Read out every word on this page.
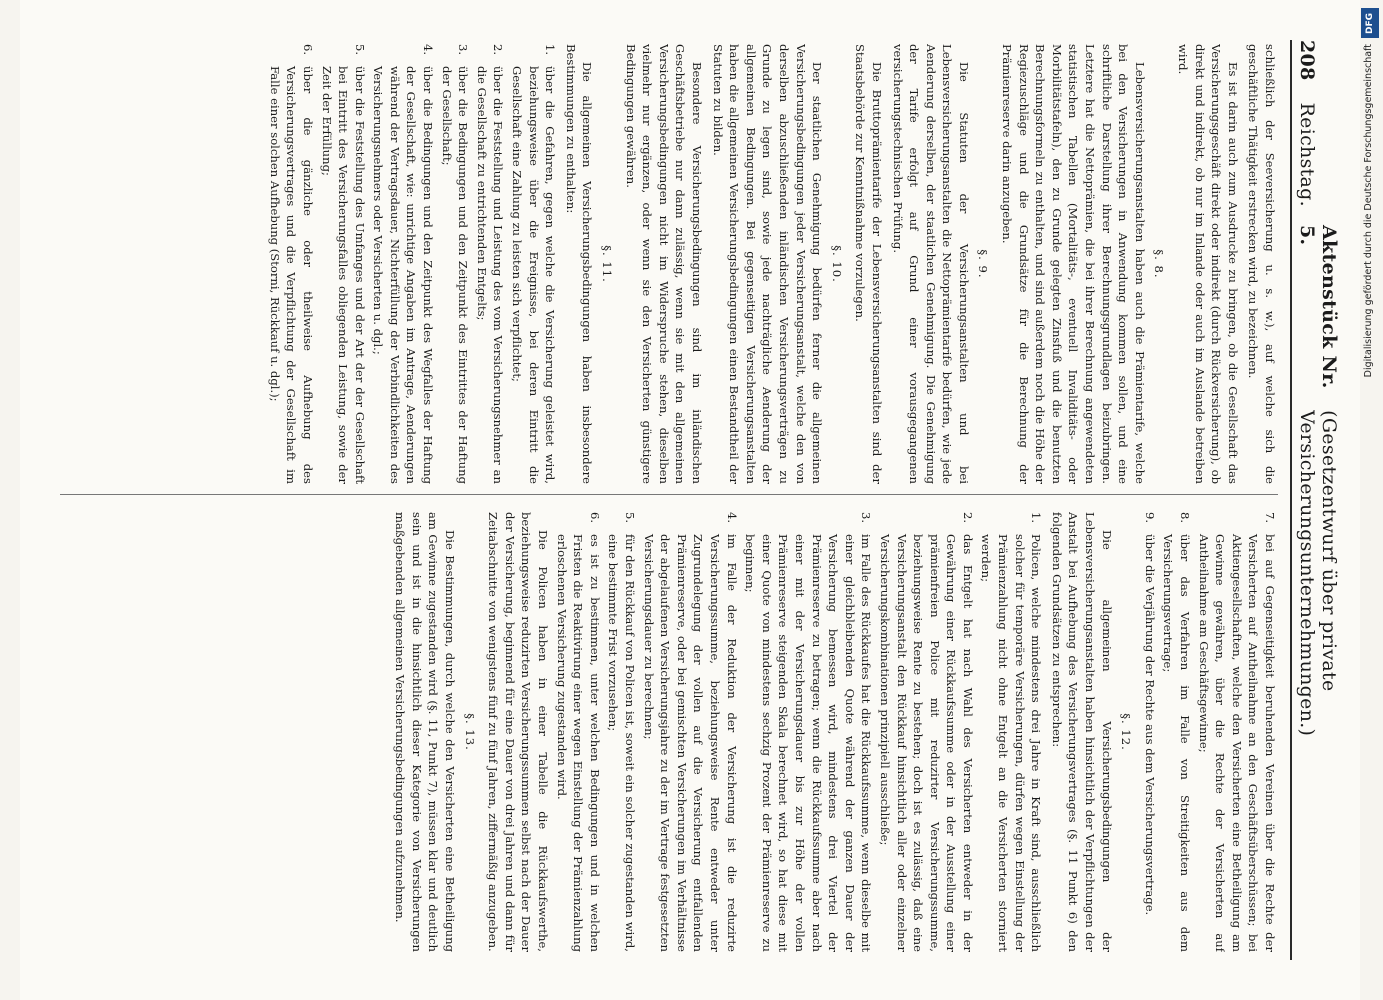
208
Reichstag.
Aktenstück Nr. 5.
(Gesetzentwurf über private Versicherungsunternehmungen.)

schließlich der Seeversicherung u. s. w.), auf welche sich die geschäftliche Thätigkeit erstrecken wird, zu bezeichnen.

Es ist darin auch zum Ausdrucke zu bringen, ob die Gesellschaft das Versicherungsgeschäft direkt oder indirekt (durch Rückversicherung), ob direkt und indirekt, ob nur im Inlande oder auch im Auslande betreiben wird.

§. 8.

Lebensversicherungsanstalten haben auch die Prämientarife, welche bei den Versicherungen in Anwendung kommen sollen, und eine schriftliche Darstellung ihrer Berechnungsgrundlagen beizubringen. Letztere hat die Nettoprämien, die bei ihrer Berechnung angewendeten statistischen Tabellen (Mortalitäts-, eventuell Invaliditäts- oder Morbilitätstafeln), den zu Grunde gelegten Zinsfuß und die benutzten Berechnungsformeln zu enthalten, und sind außerdem noch die Höhe der Regiezuschläge und die Grundsätze für die Berechnung der Prämienreserve darin anzugeben.

§. 9.

Die Statuten der Versicherungsanstalten und bei Lebensversicherungsanstalten die Nettoprämientarife bedürfen, wie jede Aenderung derselben, der staatlichen Genehmigung. Die Genehmigung der Tarife erfolgt auf Grund einer vorausgegangenen versicherungstechnischen Prüfung.

Die Bruttoprämientarife der Lebensversicherungsanstalten sind der Staatsbehörde zur Kenntnißnahme vorzulegen.

§. 10.

Der staatlichen Genehmigung bedürfen ferner die allgemeinen Versicherungsbedingungen jeder Versicherungsanstalt, welche den von derselben abzuschließenden inländischen Versicherungsverträgen zu Grunde zu legen sind, sowie jede nachträgliche Aenderung der allgemeinen Bedingungen. Bei gegenseitigen Versicherungsanstalten haben die allgemeinen Versicherungsbedingungen einen Bestandtheil der Statuten zu bilden.

Besondere Versicherungsbedingungen sind im inländischen Geschäftsbetriebe nur dann zulässig, wenn sie mit den allgemeinen Versicherungsbedingungen nicht im Widerspruche stehen, dieselben vielmehr nur ergänzen, oder wenn sie den Versicherten günstigere Bedingungen gewähren.

§. 11.

Die allgemeinen Versicherungsbedingungen haben insbesondere Bestimmungen zu enthalten:

1.
über die Gefahren, gegen welche die Versicherung geleistet wird, beziehungsweise über die Ereignisse, bei deren Eintritt die Gesellschaft eine Zahlung zu leisten sich verpflichtet;
2.
über die Feststellung und Leistung des vom Versicherungsnehmer an die Gesellschaft zu entrichtenden Entgelts;
3.
über die Bedingungen und den Zeitpunkt des Eintrittes der Haftung der Gesellschaft;
4.
über die Bedingungen und den Zeitpunkt des Wegfalles der Haftung der Gesellschaft, wie: unrichtige Angaben im Antrage, Aenderungen während der Vertragsdauer, Nichterfüllung der Verbindlichkeiten des Versicherungsnehmers oder Versicherten u. dgl.;
5.
über die Feststellung des Umfanges und der Art der der Gesellschaft bei Eintritt des Versicherungsfalles obliegenden Leistung, sowie der Zeit der Erfüllung;
6.
über die gänzliche oder theilweise Aufhebung des Versicherungsvertrages und die Verpflichtung der Gesellschaft im Falle einer solchen Aufhebung (Storni, Rückkauf u. dgl.);
7.
bei auf Gegenseitigkeit beruhenden Vereinen über die Rechte der Versicherten auf Antheilnahme an den Geschäftsüberschüssen; bei Aktiengesellschaften, welche den Versicherten eine Betheiligung am Gewinne gewähren, über die Rechte der Versicherten auf Antheilnahme am Geschäftsgewinne;
8.
über das Verfahren im Falle von Streitigkeiten aus dem Versicherungsvertrage;
9.
über die Verjährung der Rechte aus dem Versicherungsvertrage.
§. 12.

Die allgemeinen Versicherungsbedingungen der Lebensversicherungsanstalten haben hinsichtlich der Verpflichtungen der Anstalt bei Aufhebung des Versicherungsvertrages (§. 11 Punkt 6) den folgenden Grundsätzen zu entsprechen:

1.
Policen, welche mindestens drei Jahre in Kraft sind, ausschließlich solcher für temporäre Versicherungen, dürfen wegen Einstellung der Prämienzahlung nicht ohne Entgelt an die Versicherten storniert werden;
2.
das Entgelt hat nach Wahl des Versicherten entweder in der Gewährung einer Rückkaufssumme oder in der Ausstellung einer prämienfreien Police mit reduzirter Versicherungssumme, beziehungsweise Rente zu bestehen; doch ist es zulässig, daß eine Versicherungsanstalt den Rückkauf hinsichtlich aller oder einzelner Versicherungskombinationen prinzipiell ausschließe;
3.
im Falle des Rückkaufes hat die Rückkaufssumme, wenn dieselbe mit einer gleichbleibenden Quote während der ganzen Dauer der Versicherung bemessen wird, mindestens drei Viertel der Prämienreserve zu betragen; wenn die Rückkaufssumme aber nach einer mit der Versicherungsdauer bis zur Höhe der vollen Prämienreserve steigenden Skala berechnet wird, so hat diese mit einer Quote von mindestens sechzig Prozent der Prämienreserve zu beginnen;
4.
im Falle der Reduktion der Versicherung ist die reduzirte Versicherungssumme, beziehungsweise Rente entweder unter Zugrundelegung der vollen auf die Versicherung entfallenden Prämienreserve, oder bei gemischten Versicherungen im Verhältnisse der abgelaufenen Versicherungsjahre zu der im Vertrage festgesetzten Versicherungsdauer zu berechnen;
5.
für den Rückkauf von Policen ist, soweit ein solcher zugestanden wird, eine bestimmte Frist vorzusehen;
6.
es ist zu bestimmen, unter welchen Bedingungen und in welchen Fristen die Reaktivirung einer wegen Einstellung der Prämienzahlung erloschenen Versicherung zugestanden wird.

Die Policen haben in einer Tabelle die Rückkaufswerthe, beziehungsweise reduzirten Versicherungssummen selbst nach der Dauer der Versicherung, beginnend für eine Dauer von drei Jahren und dann für Zeitabschnitte von wenigstens fünf zu fünf Jahren, ziffermäßig anzugeben.

§. 13.

Die Bestimmungen, durch welche den Versicherten eine Betheiligung am Gewinne zugestanden wird (§. 11, Punkt 7), müssen klar und deutlich sein und ist in die hinsichtlich dieser Kategorie von Versicherungen maßgebenden allgemeinen Versicherungsbedingungen aufzunehmen.

DFG
Digitalisierung gefördert durch die Deutsche Forschungsgemeinschaft
